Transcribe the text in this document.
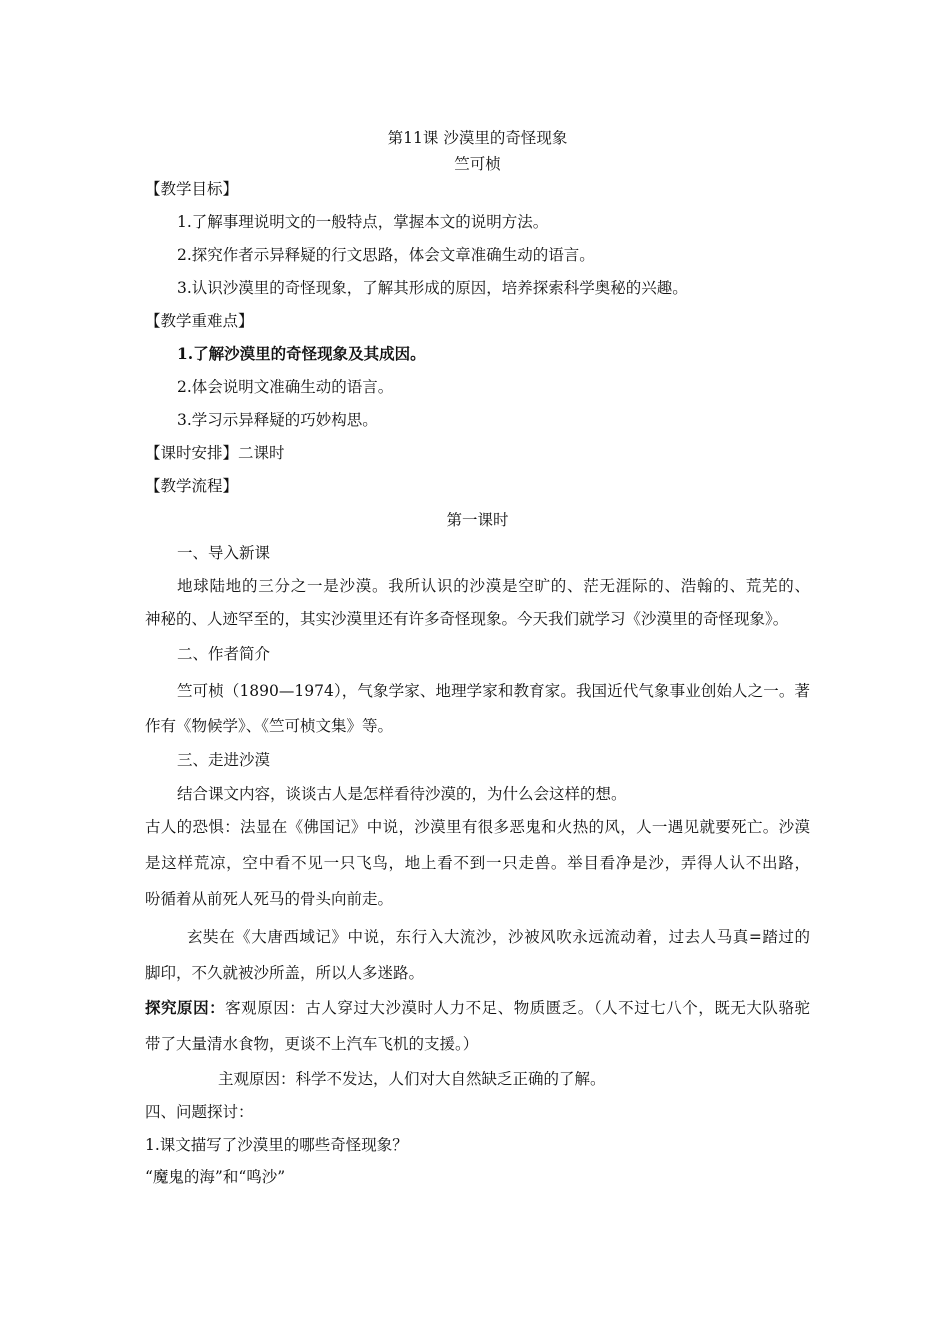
第11课 沙漠里的奇怪现象
竺可桢
【教学目标】
1.了解事理说明文的一般特点，掌握本文的说明方法。
2.探究作者示异释疑的行文思路，体会文章准确生动的语言。
3.认识沙漠里的奇怪现象，了解其形成的原因，培养探索科学奥秘的兴趣。
【教学重难点】
1.了解沙漠里的奇怪现象及其成因。
2.体会说明文准确生动的语言。
3.学习示异释疑的巧妙构思。
【课时安排】二课时
【教学流程】
第一课时
一、导入新课
地球陆地的三分之一是沙漠。我所认识的沙漠是空旷的、茫无涯际的、浩翰的、荒芜的、
神秘的、人迹罕至的，其实沙漠里还有许多奇怪现象。今天我们就学习《沙漠里的奇怪现象》。
二、作者简介
竺可桢（1890—1974），气象学家、地理学家和教育家。我国近代气象事业创始人之一。著
作有《物候学》、《竺可桢文集》等。
三、走进沙漠
结合课文内容，谈谈古人是怎样看待沙漠的，为什么会这样的想。
古人的恐惧：法显在《佛国记》中说，沙漠里有很多恶鬼和火热的风，人一遇见就要死亡。沙漠
是这样荒凉，空中看不见一只飞鸟，地上看不到一只走兽。举目看净是沙，弄得人认不出路，
吩循着从前死人死马的骨头向前走。
玄奘在《大唐西域记》中说，东行入大流沙，沙被风吹永远流动着，过去人马真=踏过的
脚印，不久就被沙所盖，所以人多迷路。
探究原因：客观原因：古人穿过大沙漠时人力不足、物质匮乏。（人不过七八个，既无大队骆驼
带了大量清水食物，更谈不上汽车飞机的支援。）
主观原因：科学不发达，人们对大自然缺乏正确的了解。
四、问题探讨：
1.课文描写了沙漠里的哪些奇怪现象？
“魔鬼的海”和“鸣沙”
